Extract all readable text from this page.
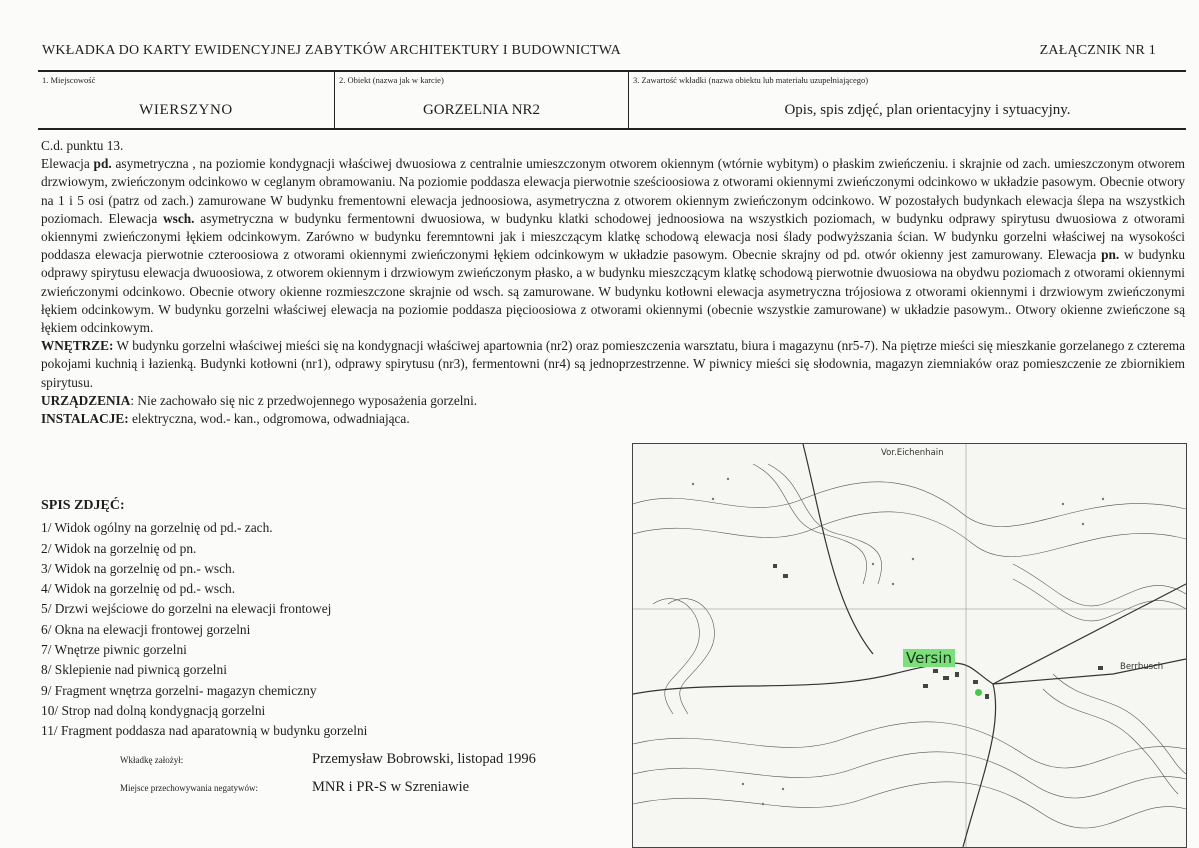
WKŁADKA DO KARTY EWIDENCYJNEJ ZABYTKÓW ARCHITEKTURY I BUDOWNICTWA	ZAŁĄCZNIK NR 1
1. Miejscowość
WIERSZYNO
2. Obiekt (nazwa jak w karcie)
GORZELNIA NR2
3. Zawartość wkładki (nazwa obiektu lub materiału uzupełniającego)
Opis, spis zdjęć, plan orientacyjny i sytuacyjny.

C.d. punktu 13.

Elewacja pd. asymetryczna , na poziomie kondygnacji właściwej dwuosiowa z centralnie umieszczonym otworem okiennym (wtórnie wybitym) o płaskim zwieńczeniu. i skrajnie od zach. umieszczonym otworem drzwiowym, zwieńczonym odcinkowo w ceglanym obramowaniu. Na poziomie poddasza elewacja pierwotnie sześcioosiowa z otworami okiennymi zwieńczonymi odcinkowo w układzie pasowym. Obecnie otwory na 1 i 5 osi (patrz od zach.) zamurowane W budynku frementowni elewacja jednoosiowa, asymetryczna z otworem okiennym zwieńczonym odcinkowo. W pozostałych budynkach elewacja ślepa na wszystkich poziomach. Elewacja wsch. asymetryczna w budynku fermentowni dwuosiowa, w budynku klatki schodowej jednoosiowa na wszystkich poziomach, w budynku odprawy spirytusu dwuosiowa z otworami okiennymi zwieńczonymi łękiem odcinkowym. Zarówno w budynku feremntowni jak i mieszczącym klatkę schodową elewacja nosi ślady podwyższania ścian. W budynku gorzelni właściwej na wysokości poddasza elewacja pierwotnie czteroosiowa z otworami okiennymi zwieńczonymi łękiem odcinkowym w układzie pasowym. Obecnie skrajny od pd. otwór okienny jest zamurowany. Elewacja pn. w budynku odprawy spirytusu elewacja dwuoosiowa, z otworem okiennym i drzwiowym zwieńczonym płasko, a w budynku mieszczącym klatkę schodową pierwotnie dwuosiowa na obydwu poziomach z otworami okiennymi zwieńczonymi odcinkowo. Obecnie otwory okienne rozmieszczone skrajnie od wsch. są zamurowane. W budynku kotłowni elewacja asymetryczna trójosiowa z otworami okiennymi i drzwiowym zwieńczonymi łękiem odcinkowym. W budynku gorzelni właściwej elewacja na poziomie poddasza pięcioosiowa z otworami okiennymi (obecnie wszystkie zamurowane) w układzie pasowym.. Otwory okienne zwieńczone są łękiem odcinkowym.

WNĘTRZE: W budynku gorzelni właściwej mieści się na kondygnacji właściwej apartownia (nr2) oraz pomieszczenia warsztatu, biura i magazynu (nr5-7). Na piętrze mieści się mieszkanie gorzelanego z czterema pokojami kuchnią i łazienką. Budynki kotłowni (nr1), odprawy spirytusu (nr3), fermentowni (nr4) są jednoprzestrzenne. W piwnicy mieści się słodownia, magazyn ziemniaków oraz pomieszczenie ze zbiornikiem spirytusu.

URZĄDZENIA: Nie zachowało się nic z przedwojennego wyposażenia gorzelni.

INSTALACJE: elektryczna, wod.- kan., odgromowa, odwadniająca.

SPIS ZDJĘĆ:
1/ Widok ogólny na gorzelnię od pd.- zach.
2/ Widok na gorzelnię od pn.
3/ Widok na gorzelnię od pn.- wsch.
4/ Widok na gorzelnię od pd.- wsch.
5/ Drzwi wejściowe do gorzelni na elewacji frontowej
6/ Okna na elewacji frontowej gorzelni
7/ Wnętrze piwnic gorzelni
8/ Sklepienie nad piwnicą gorzelni
9/ Fragment wnętrza gorzelni- magazyn chemiczny
10/ Strop nad dolną kondygnacją gorzelni
11/ Fragment poddasza nad aparatownią w budynku gorzelni
Wkładkę założył:	Przemysław Bobrowski, listopad 1996
Miejsce przechowywania negatywów:	MNR i PR-S w Szreniawie
Vor.Eichenhain
Versin	Berrbusch
